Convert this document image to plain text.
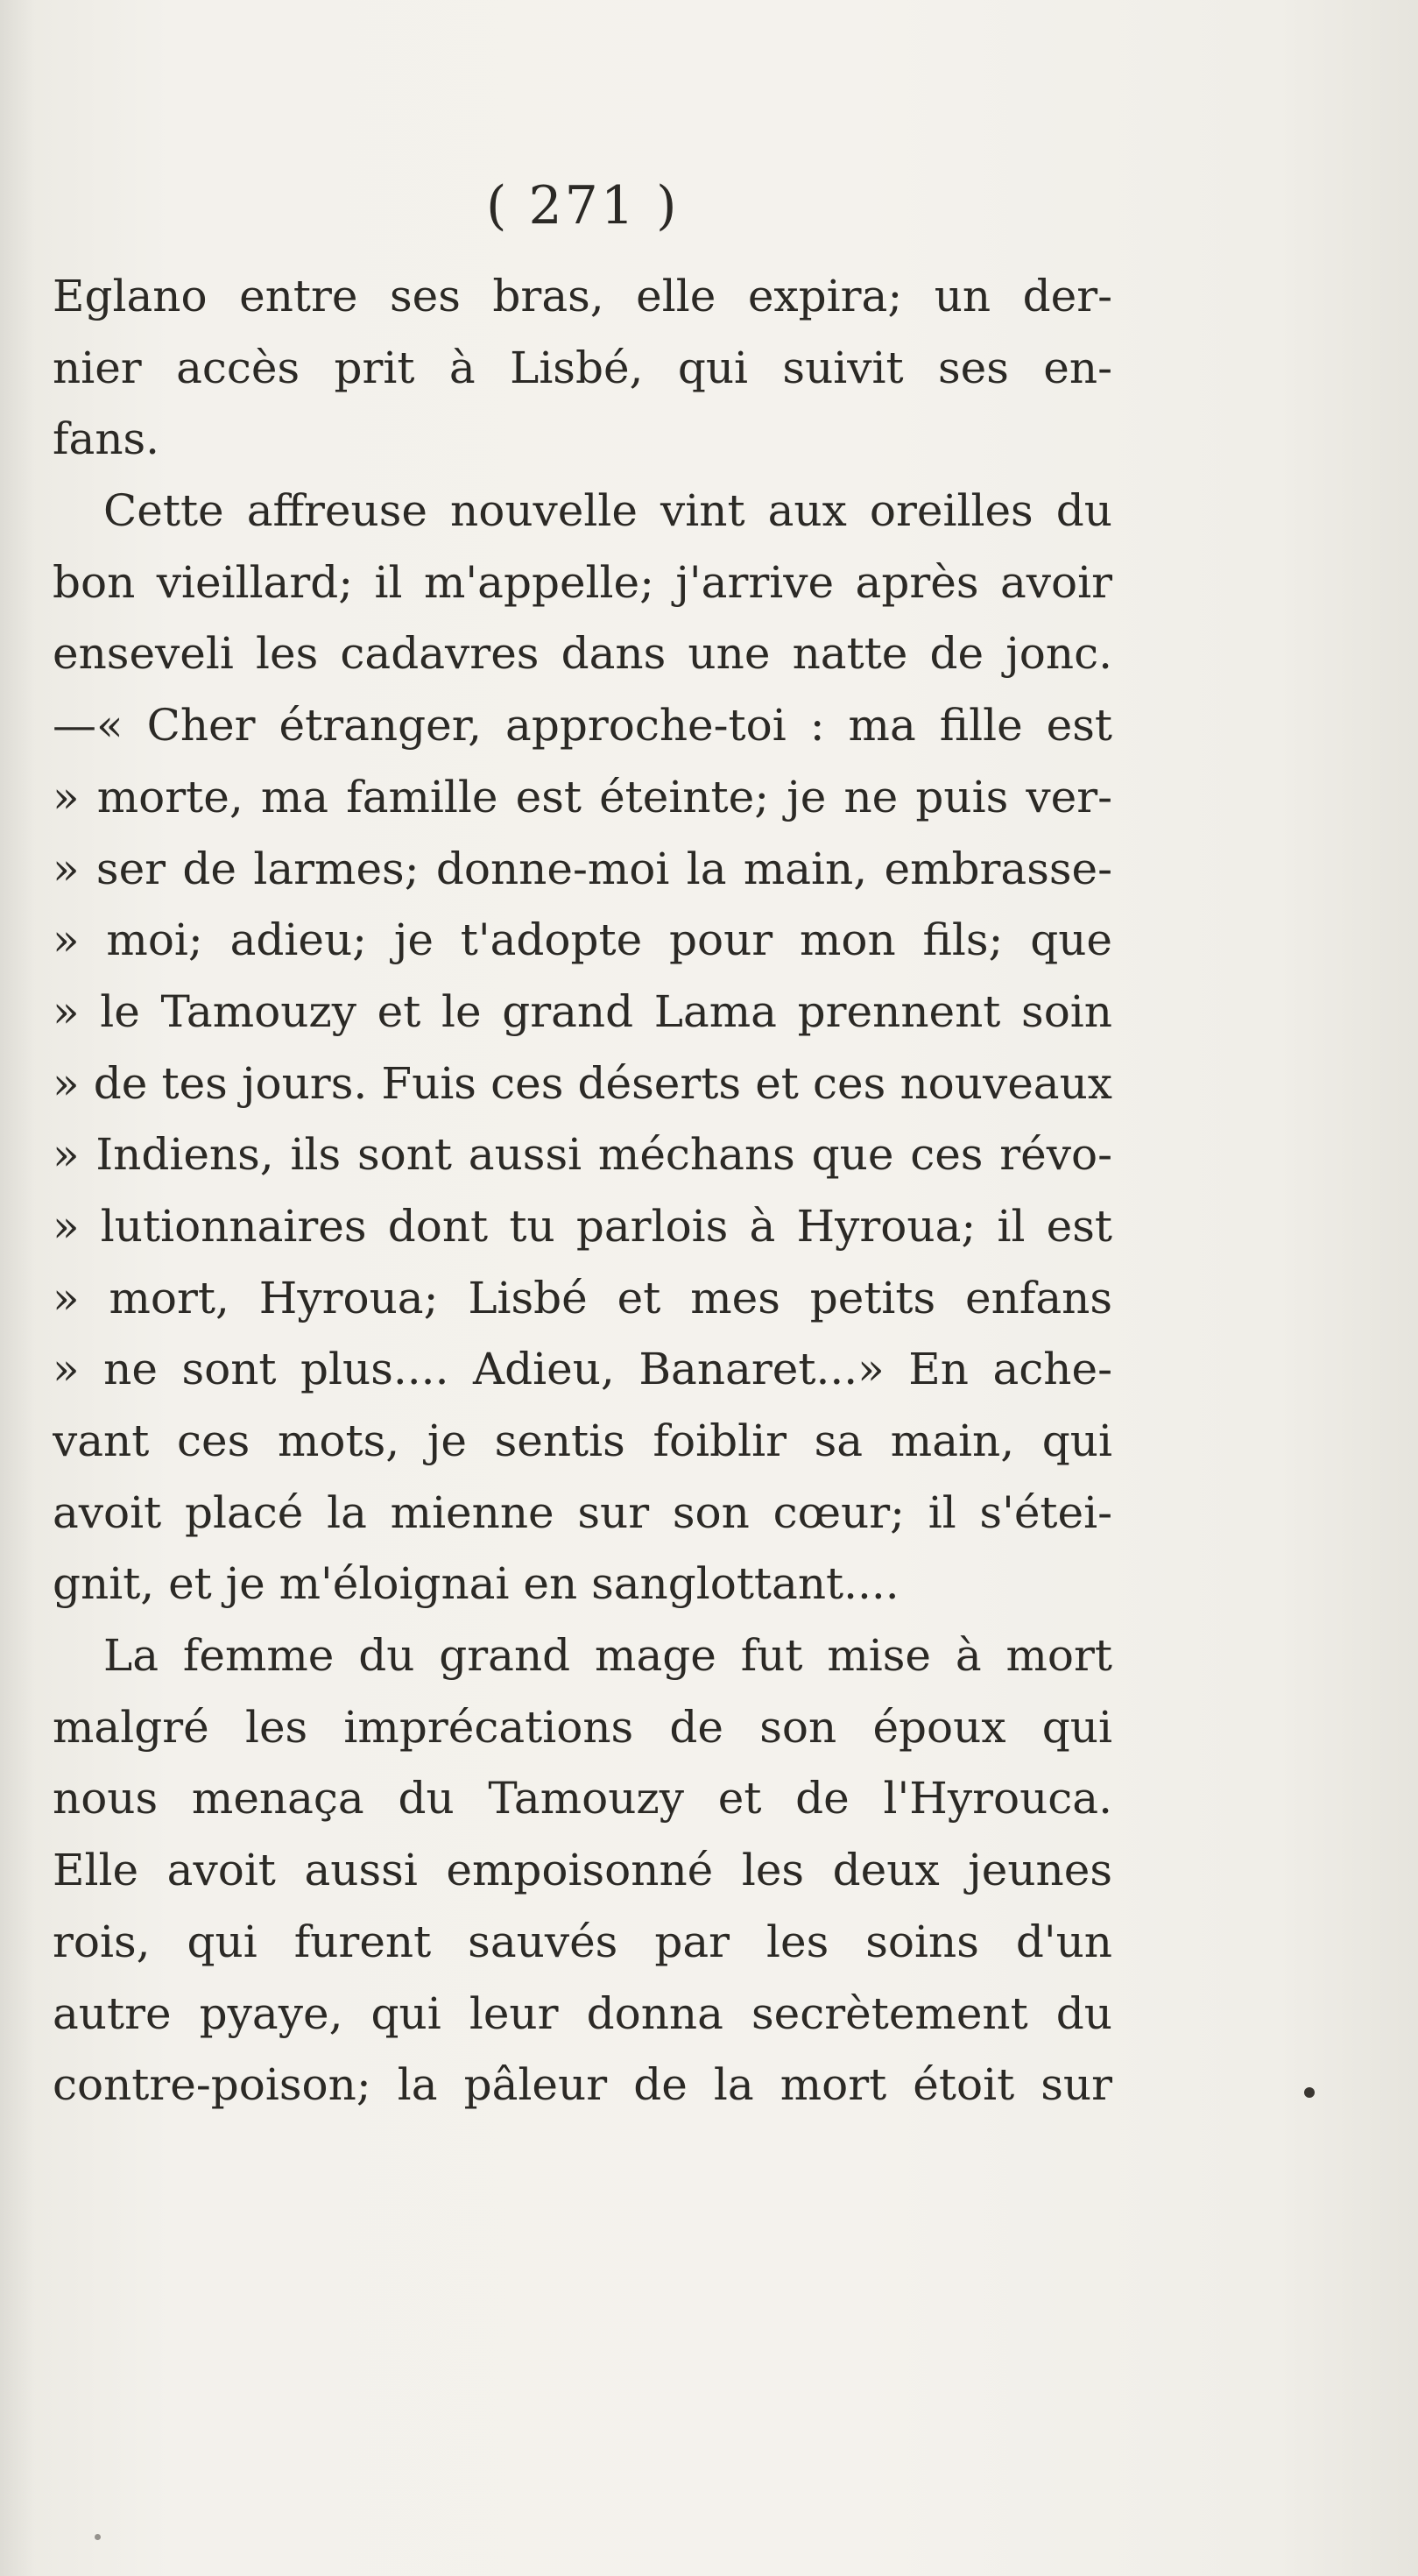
( 271 )
Eglano entre ses bras, elle expira; un der-
nier accès prit à Lisbé, qui suivit ses en-
fans.
Cette affreuse nouvelle vint aux oreilles du
bon vieillard; il m'appelle; j'arrive après avoir
enseveli les cadavres dans une natte de jonc.
—« Cher étranger, approche-toi : ma fille est
» morte, ma famille est éteinte; je ne puis ver-
» ser de larmes; donne-moi la main, embrasse-
» moi; adieu; je t'adopte pour mon fils; que
» le Tamouzy et le grand Lama prennent soin
» de tes jours. Fuis ces déserts et ces nouveaux
» Indiens, ils sont aussi méchans que ces révo-
» lutionnaires dont tu parlois à Hyroua; il est
» mort, Hyroua; Lisbé et mes petits enfans
» ne sont plus.... Adieu, Banaret...» En ache-
vant ces mots, je sentis foiblir sa main, qui
avoit placé la mienne sur son cœur; il s'étei-
gnit, et je m'éloignai en sanglottant....
La femme du grand mage fut mise à mort
malgré les imprécations de son époux qui
nous menaça du Tamouzy et de l'Hyrouca.
Elle avoit aussi empoisonné les deux jeunes
rois, qui furent sauvés par les soins d'un
autre pyaye, qui leur donna secrètement du
contre-poison; la pâleur de la mort étoit sur
